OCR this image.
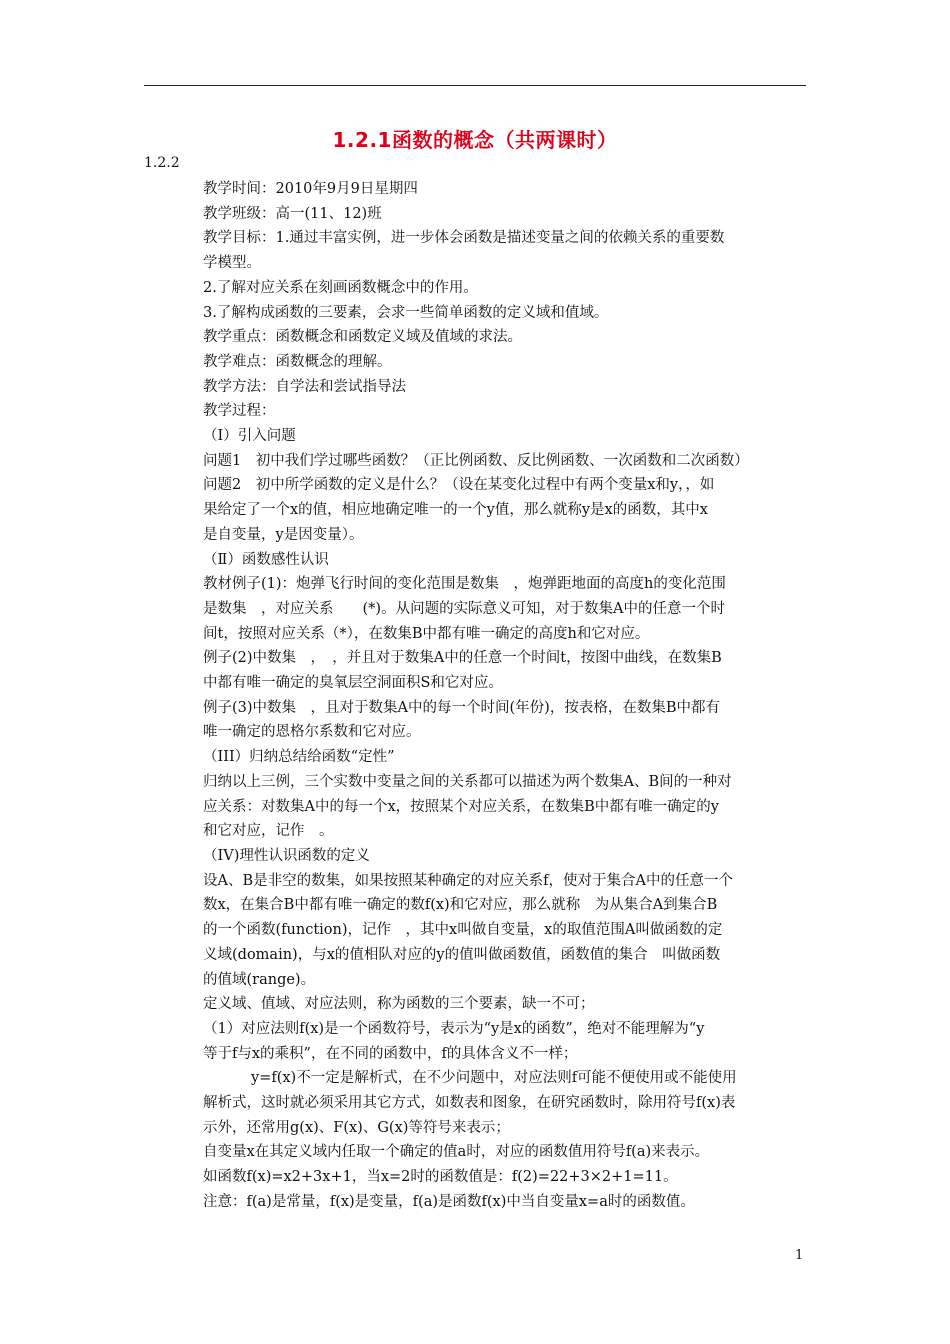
1.2.1函数的概念（共两课时）
1.2.2
教学时间：2010年9月9日星期四
教学班级：高一(11、12)班
教学目标：1.通过丰富实例，进一步体会函数是描述变量之间的依赖关系的重要数
学模型。
2.了解对应关系在刻画函数概念中的作用。
3.了解构成函数的三要素，会求一些简单函数的定义域和值域。
教学重点：函数概念和函数定义域及值域的求法。
教学难点：函数概念的理解。
教学方法：自学法和尝试指导法
教学过程：
（Ⅰ）引入问题
问题1　初中我们学过哪些函数？（正比例函数、反比例函数、一次函数和二次函数）
问题2　初中所学函数的定义是什么？（设在某变化过程中有两个变量x和y，，如
果给定了一个x的值，相应地确定唯一的一个y值，那么就称y是x的函数，其中x
是自变量，y是因变量）。
（Ⅱ）函数感性认识
教材例子(1)：炮弹飞行时间的变化范围是数集　，炮弹距地面的高度h的变化范围
是数集　，对应关系　　(*)。从问题的实际意义可知，对于数集A中的任意一个时
间t，按照对应关系（*），在数集B中都有唯一确定的高度h和它对应。
例子(2)中数集　，　，并且对于数集A中的任意一个时间t，按图中曲线，在数集B
中都有唯一确定的臭氧层空洞面积S和它对应。
例子(3)中数集　，且对于数集A中的每一个时间(年份)，按表格，在数集B中都有
唯一确定的恩格尔系数和它对应。
（III）归纳总结给函数“定性”
归纳以上三例，三个实数中变量之间的关系都可以描述为两个数集A、B间的一种对
应关系：对数集A中的每一个x，按照某个对应关系，在数集B中都有唯一确定的y
和它对应，记作　。
（IV)理性认识函数的定义
设A、B是非空的数集，如果按照某种确定的对应关系f，使对于集合A中的任意一个
数x，在集合B中都有唯一确定的数f(x)和它对应，那么就称　为从集合A到集合B
的一个函数(function)，记作　，其中x叫做自变量，x的取值范围A叫做函数的定
义域(domain)，与x的值相队对应的y的值叫做函数值，函数值的集合　叫做函数
的值域(range)。
定义域、值域、对应法则，称为函数的三个要素，缺一不可；
（1）对应法则f(x)是一个函数符号，表示为“y是x的函数”，绝对不能理解为“y
等于f与x的乘积”，在不同的函数中，f的具体含义不一样；
y=f(x)不一定是解析式，在不少问题中，对应法则f可能不便使用或不能使用
解析式，这时就必须采用其它方式，如数表和图象，在研究函数时，除用符号f(x)表
示外，还常用g(x)、F(x)、G(x)等符号来表示；
自变量x在其定义域内任取一个确定的值a时，对应的函数值用符号f(a)来表示。
如函数f(x)=x2+3x+1，当x=2时的函数值是：f(2)=22+3×2+1=11。
注意：f(a)是常量，f(x)是变量，f(a)是函数f(x)中当自变量x=a时的函数值。
1
